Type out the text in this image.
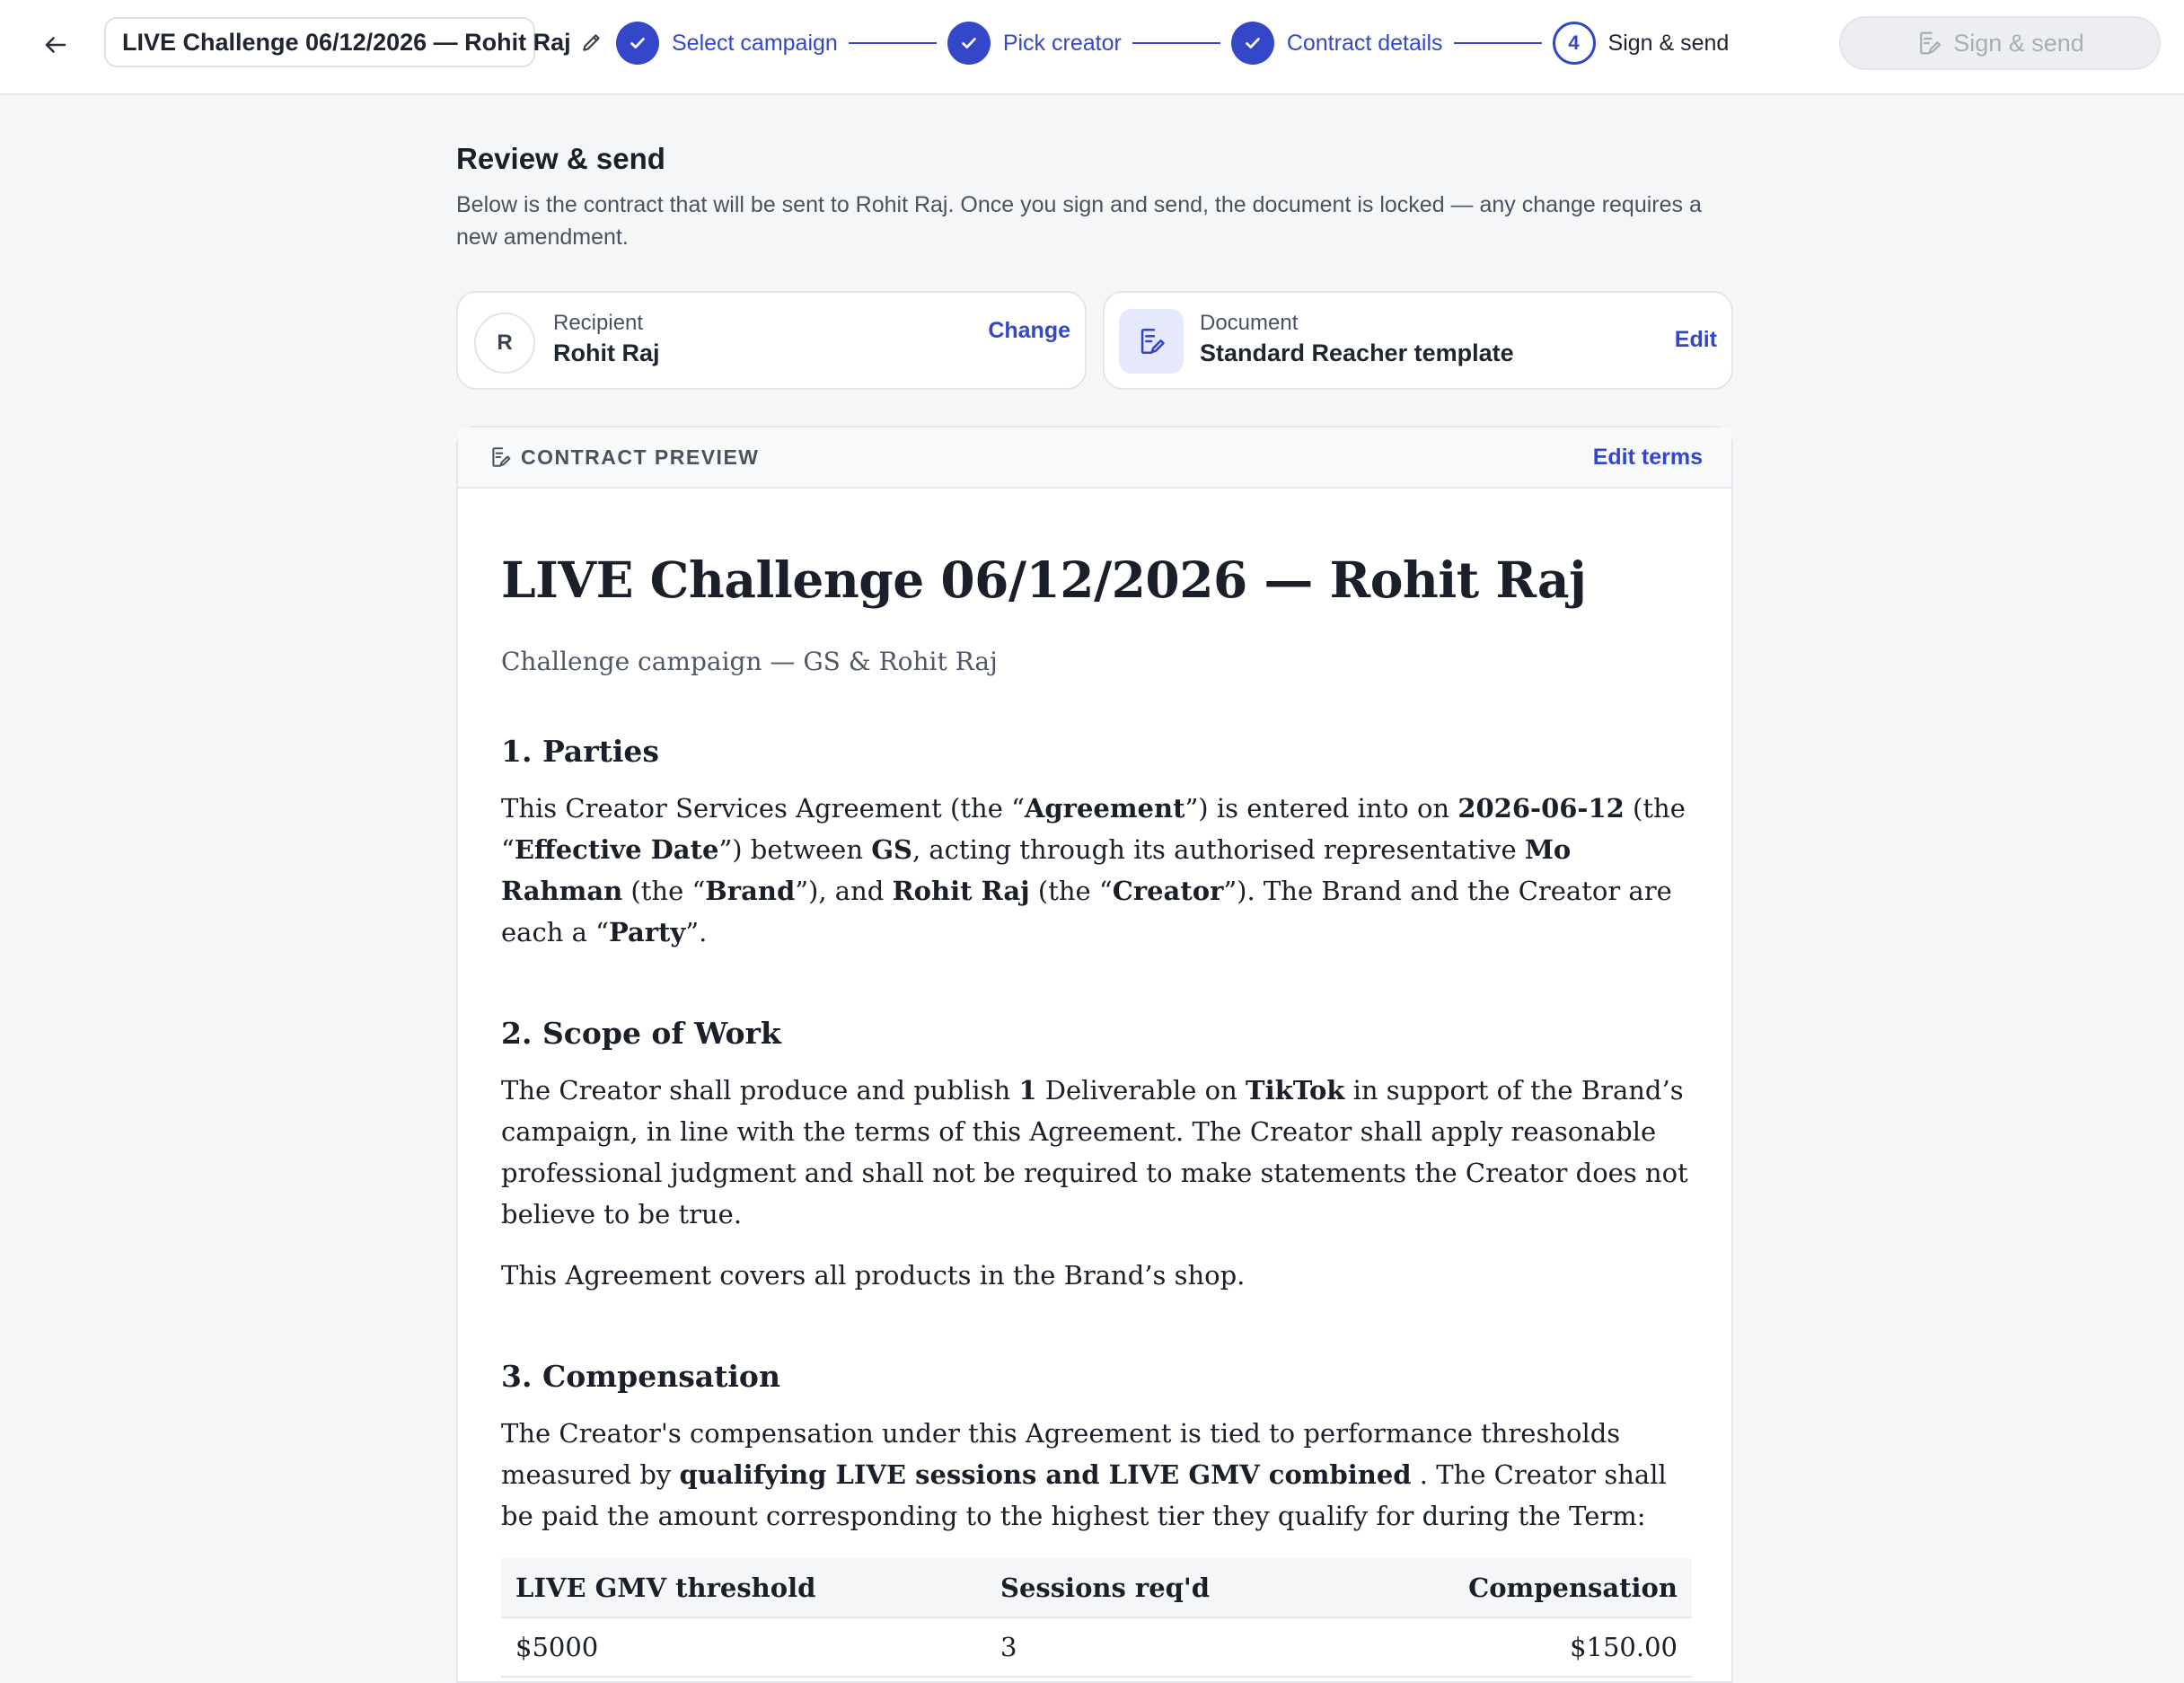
LIVE Challenge 06/12/2026 — Rohit Raj	Select campaign	Pick creator	Contract details	4 Sign & send	Sign & send
Review & send
Below is the contract that will be sent to Rohit Raj. Once you sign and send, the document is locked — any change requires a new amendment.
R
Recipient
Rohit Raj
Change	Document
Standard Reacher template	Edit
CONTRACT PREVIEW	Edit terms
LIVE Challenge 06/12/2026 — Rohit Raj
Challenge campaign — GS & Rohit Raj
1. Parties

This Creator Services Agreement (the “Agreement”) is entered into on 2026-06-12 (the “Effective Date”) between GS, acting through its authorised representative Mo Rahman (the “Brand”), and Rohit Raj (the “Creator”). The Brand and the Creator are each a “Party”.

2. Scope of Work

The Creator shall produce and publish 1 Deliverable on TikTok in support of the Brand’s campaign, in line with the terms of this Agreement. The Creator shall apply reasonable professional judgment and shall not be required to make statements the Creator does not believe to be true.

This Agreement covers all products in the Brand’s shop.

3. Compensation

The Creator's compensation under this Agreement is tied to performance thresholds measured by qualifying LIVE sessions and LIVE GMV combined . The Creator shall be paid the amount corresponding to the highest tier they qualify for during the Term:

LIVE GMV threshold	Sessions req'd	Compensation
$5000	3	$150.00
